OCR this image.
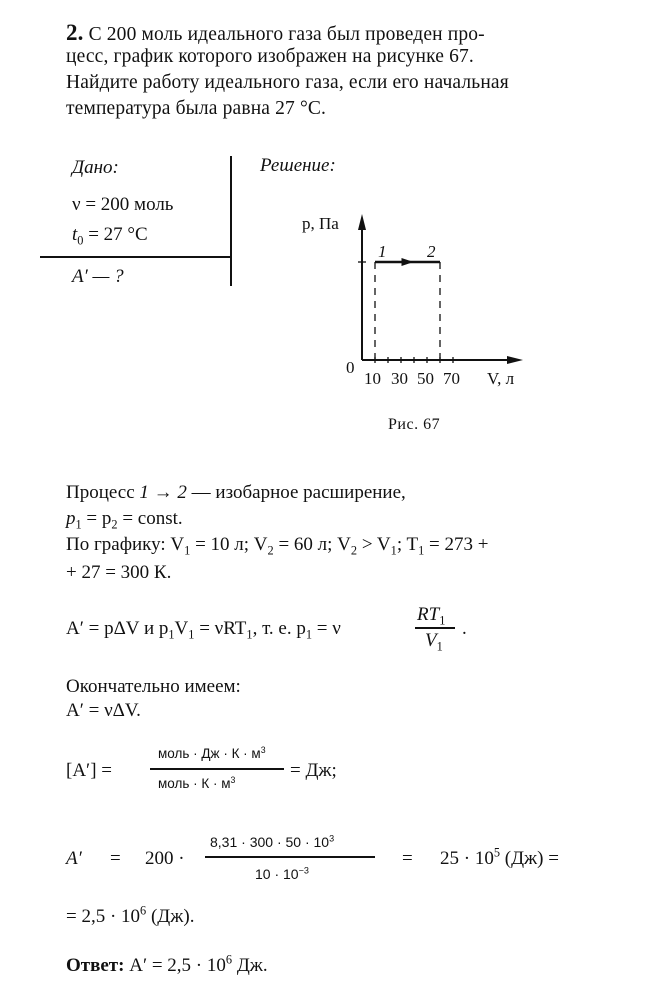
2. С 200 моль идеального газа был проведен про-
цесс, график которого изображен на рисунке 67.
Найдите работу идеального газа, если его начальная
температура была равна 27 °С.
Дано:
ν = 200 моль
$t_0 = 27$ °С
А′ — ?
Решение:
р, Па
V, л
0
10 30 50 70
1 2
Рис. 67
Процесс 1 → 2 — изобарное расширение,
$р_1 = р_2$ = const.
По графику: $V_1 = 10$ л; $V_2 = 60$ л; $V_2 > V_1$; $T_1 = 273$ +
+ 27 = 300 К.
А′ = рΔV и $р_1V_1 = \nu RT_1$, т. е. $р_1 = \nu$
$RT_1$
$V_1$
.
Окончательно имеем:
А′ = νΔV.
[А′] =
моль · Дж · $К \cdot м^3$
моль · $К \cdot м^3$	= Дж;
А′ = 200 ·
$8,31 \cdot 300 \cdot 50 \cdot 10^3$
$10 \cdot 10^{-3}$
= $25 \cdot 10^5$ (Дж) =
= $2,5 \cdot 10^6$ (Дж).
Ответ: $А' = 2,5 \cdot 10^6$ Дж.
